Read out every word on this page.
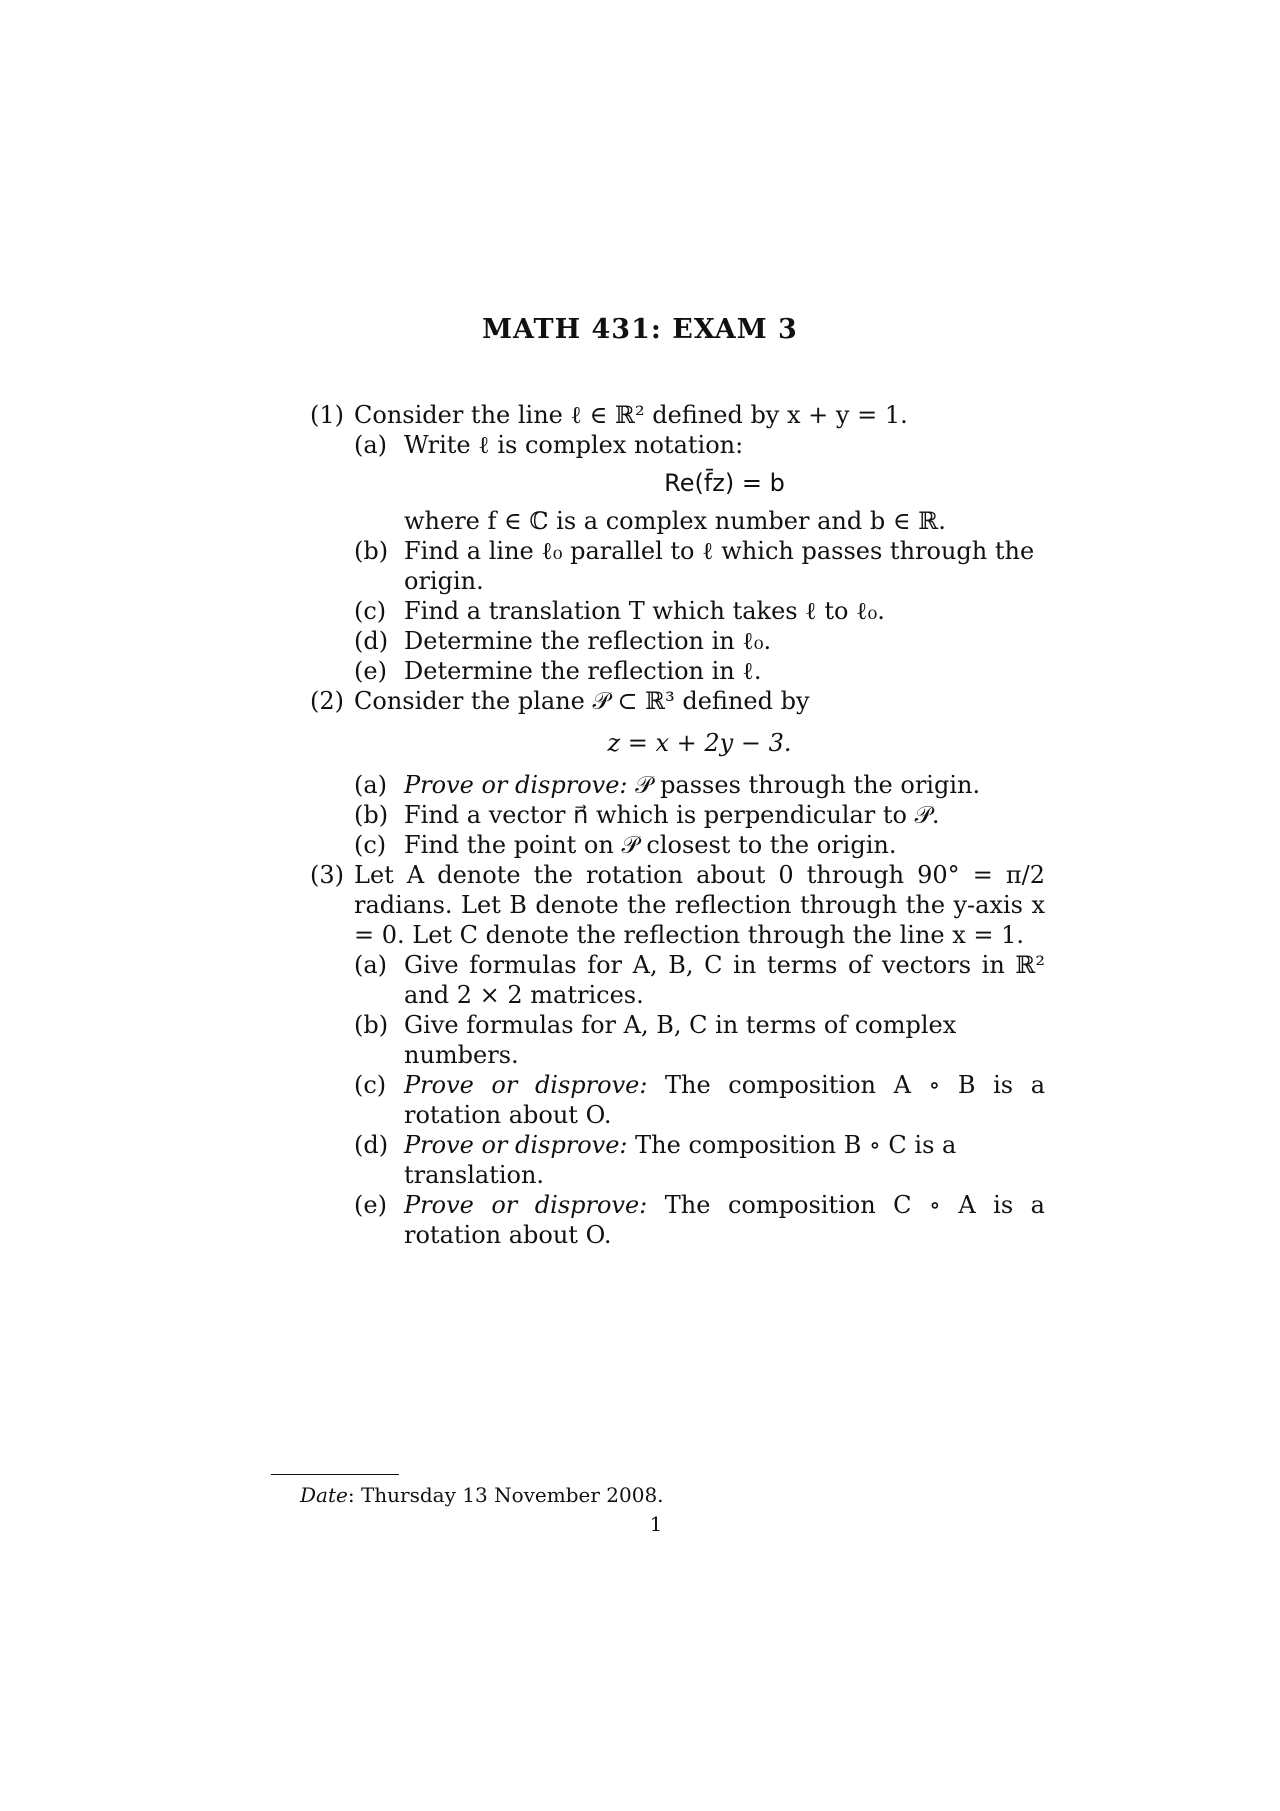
MATH 431: EXAM 3
(1) Consider the line ℓ ∈ ℝ² defined by x + y = 1.
(a) Write ℓ is complex notation:
Re(f̄z) = b
where f ∈ ℂ is a complex number and b ∈ ℝ.
(b) Find a line ℓ₀ parallel to ℓ which passes through the origin.
(c) Find a translation T which takes ℓ to ℓ₀.
(d) Determine the reflection in ℓ₀.
(e) Determine the reflection in ℓ.
(2) Consider the plane 𝒫 ⊂ ℝ³ defined by
z = x + 2y − 3.
(a) Prove or disprove: 𝒫 passes through the origin.
(b) Find a vector n⃗ which is perpendicular to 𝒫.
(c) Find the point on 𝒫 closest to the origin.
(3) Let A denote the rotation about 0 through 90° = π/2 radians. Let B denote the reflection through the y-axis x = 0. Let C denote the reflection through the line x = 1.
(a) Give formulas for A, B, C in terms of vectors in ℝ² and 2 × 2 matrices.
(b) Give formulas for A, B, C in terms of complex numbers.
(c) Prove or disprove: The composition A ∘ B is a rotation about O.
(d) Prove or disprove: The composition B ∘ C is a translation.
(e) Prove or disprove: The composition C ∘ A is a rotation about O.
Date: Thursday 13 November 2008.
1
